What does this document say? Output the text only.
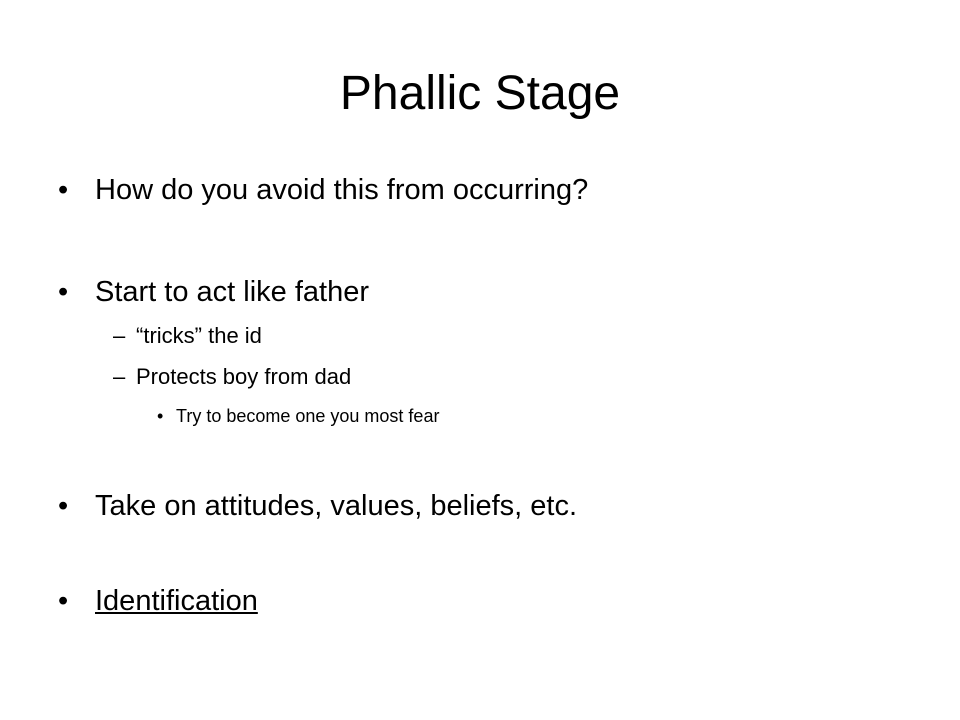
Phallic Stage
• How do you avoid this from occurring?
• Start to act like father
– “tricks” the id
– Protects boy from dad
• Try to become one you most fear
• Take on attitudes, values, beliefs, etc.
• Identification
